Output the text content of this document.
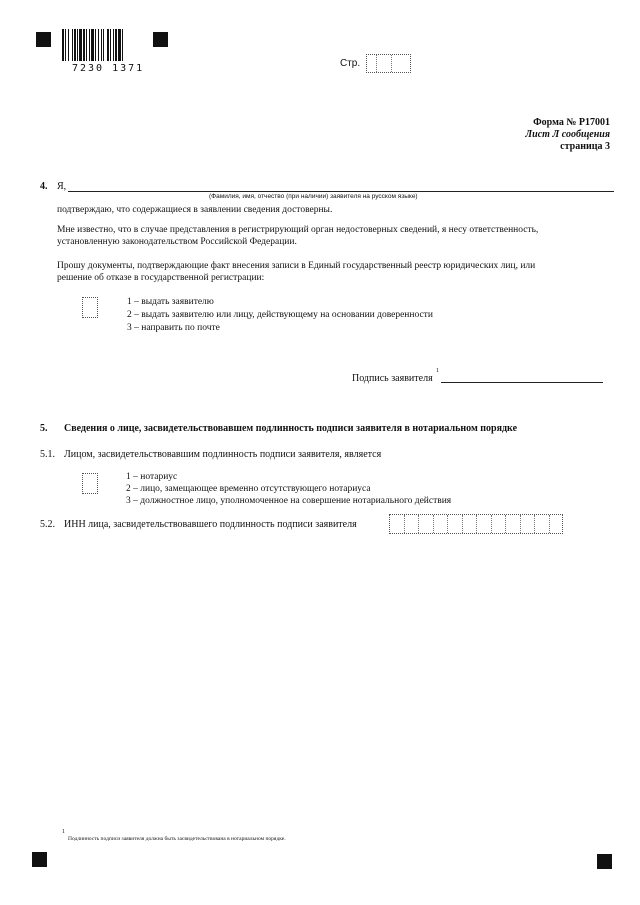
7230 1371	Стр.
Форма № Р17001
Лист Л сообщения
страница 3
4. Я,
(Фамилия, имя, отчество (при наличии) заявителя на русском языке)
подтверждаю, что содержащиеся в заявлении сведения достоверны.
Мне известно, что в случае представления в регистрирующий орган недостоверных сведений, я несу ответственность,
установленную законодательством Российской Федерации.
Прошу документы, подтверждающие факт внесения записи в Единый государственный реестр юридических лиц, или
решение об отказе в государственной регистрации:
1 – выдать заявителю
2 – выдать заявителю или лицу, действующему на основании доверенности
3 – направить по почте
Подпись заявителя
1
5. Сведения о лице, засвидетельствовавшем подлинность подписи заявителя в нотариальном порядке
5.1. Лицом, засвидетельствовавшим подлинность подписи заявителя, является
1 – нотариус
2 – лицо, замещающее временно отсутствующего нотариуса
3 – должностное лицо, уполномоченное на совершение нотариального действия
5.2. ИНН лица, засвидетельствовавшего подлинность подписи заявителя
1
Подлинность подписи заявителя должна быть засвидетельствована в нотариальном порядке.
